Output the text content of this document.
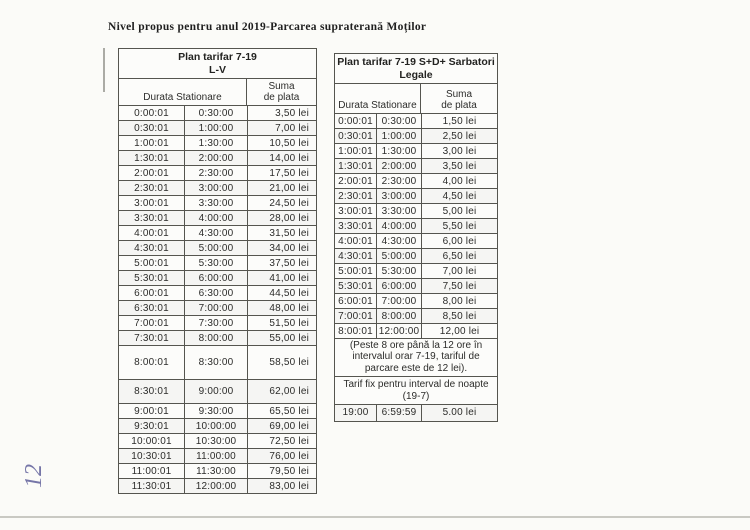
Nivel propus pentru anul 2019-Parcarea supraterană Moților
Plan tarifar 7-19
L-V
Durata Stationare
Suma
de plata
0:00:01	0:30:00	3,50 lei
0:30:01	1:00:00	7,00 lei
1:00:01	1:30:00	10,50 lei
1:30:01	2:00:00	14,00 lei
2:00:01	2:30:00	17,50 lei
2:30:01	3:00:00	21,00 lei
3:00:01	3:30:00	24,50 lei
3:30:01	4:00:00	28,00 lei
4:00:01	4:30:00	31,50 lei
4:30:01	5:00:00	34,00 lei
5:00:01	5:30:00	37,50 lei
5:30:01	6:00:00	41,00 lei
6:00:01	6:30:00	44,50 lei
6:30:01	7:00:00	48,00 lei
7:00:01	7:30:00	51,50 lei
7:30:01	8:00:00	55,00 lei
8:00:01	8:30:00	58,50 lei
8:30:01	9:00:00	62,00 lei
9:00:01	9:30:00	65,50 lei
9:30:01	10:00:00	69,00 lei
10:00:01	10:30:00	72,50 lei
10:30:01	11:00:00	76,00 lei
11:00:01	11:30:00	79,50 lei
11:30:01	12:00:00	83,00 lei
Plan tarifar 7-19 S+D+ Sarbatori
Legale
Durata Stationare
Suma
de plata
0:00:01 0:30:00	1,50 lei
0:30:01 1:00:00	2,50 lei
1:00:01 1:30:00	3,00 lei
1:30:01 2:00:00	3,50 lei
2:00:01 2:30:00	4,00 lei
2:30:01 3:00:00	4,50 lei
3:00:01 3:30:00	5,00 lei
3:30:01 4:00:00	5,50 lei
4:00:01 4:30:00	6,00 lei
4:30:01 5:00:00	6,50 lei
5:00:01 5:30:00	7,00 lei
5:30:01 6:00:00	7,50 lei
6:00:01 7:00:00	8,00 lei
7:00:01 8:00:00	8,50 lei
8:00:01 12:00:00	12,00 lei
(Peste 8 ore până la 12 ore în intervalul orar 7-19, tariful de parcare este de 12 lei).
Tarif fix pentru interval de noapte
(19-7)
19:00	6:59:59	5.00 lei
12
